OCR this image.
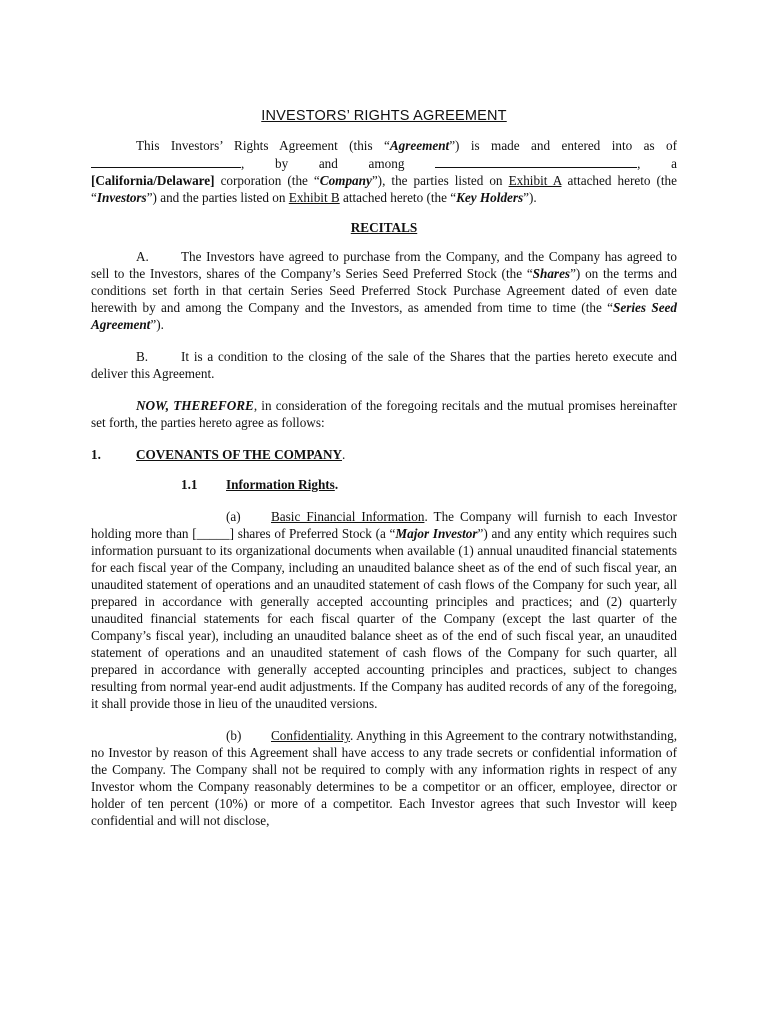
INVESTORS’ RIGHTS AGREEMENT

This Investors’ Rights Agreement (this “Agreement”) is made and entered into as of

, by and among	, a

[California/Delaware] corporation (the “Company”), the parties listed on Exhibit A attached hereto (the “Investors”) and the parties listed on Exhibit B attached hereto (the “Key Holders”).

RECITALS

A. The Investors have agreed to purchase from the Company, and the Company has agreed to sell to the Investors, shares of the Company’s Series Seed Preferred Stock (the “Shares”) on the terms and conditions set forth in that certain Series Seed Preferred Stock Purchase Agreement dated of even date herewith by and among the Company and the Investors, as amended from time to time (the “Series Seed Agreement”).

B. It is a condition to the closing of the sale of the Shares that the parties hereto execute and deliver this Agreement.

NOW, THEREFORE, in consideration of the foregoing recitals and the mutual promises hereinafter set forth, the parties hereto agree as follows:

1.	COVENANTS OF THE COMPANY.
1.1	Information Rights.

(a) Basic Financial Information. The Company will furnish to each Investor holding more than [_____] shares of Preferred Stock (a “Major Investor”) and any entity which requires such information pursuant to its organizational documents when available (1) annual unaudited financial statements for each fiscal year of the Company, including an unaudited balance sheet as of the end of such fiscal year, an unaudited statement of operations and an unaudited statement of cash flows of the Company for such year, all prepared in accordance with generally accepted accounting principles and practices; and (2) quarterly unaudited financial statements for each fiscal quarter of the Company (except the last quarter of the Company’s fiscal year), including an unaudited balance sheet as of the end of such fiscal year, an unaudited statement of operations and an unaudited statement of cash flows of the Company for such quarter, all prepared in accordance with generally accepted accounting principles and practices, subject to changes resulting from normal year-end audit adjustments. If the Company has audited records of any of the foregoing, it shall provide those in lieu of the unaudited versions.

(b) Confidentiality. Anything in this Agreement to the contrary notwithstanding, no Investor by reason of this Agreement shall have access to any trade secrets or confidential information of the Company. The Company shall not be required to comply with any information rights in respect of any Investor whom the Company reasonably determines to be a competitor or an officer, employee, director or holder of ten percent (10%) or more of a competitor. Each Investor agrees that such Investor will keep confidential and will not disclose,
